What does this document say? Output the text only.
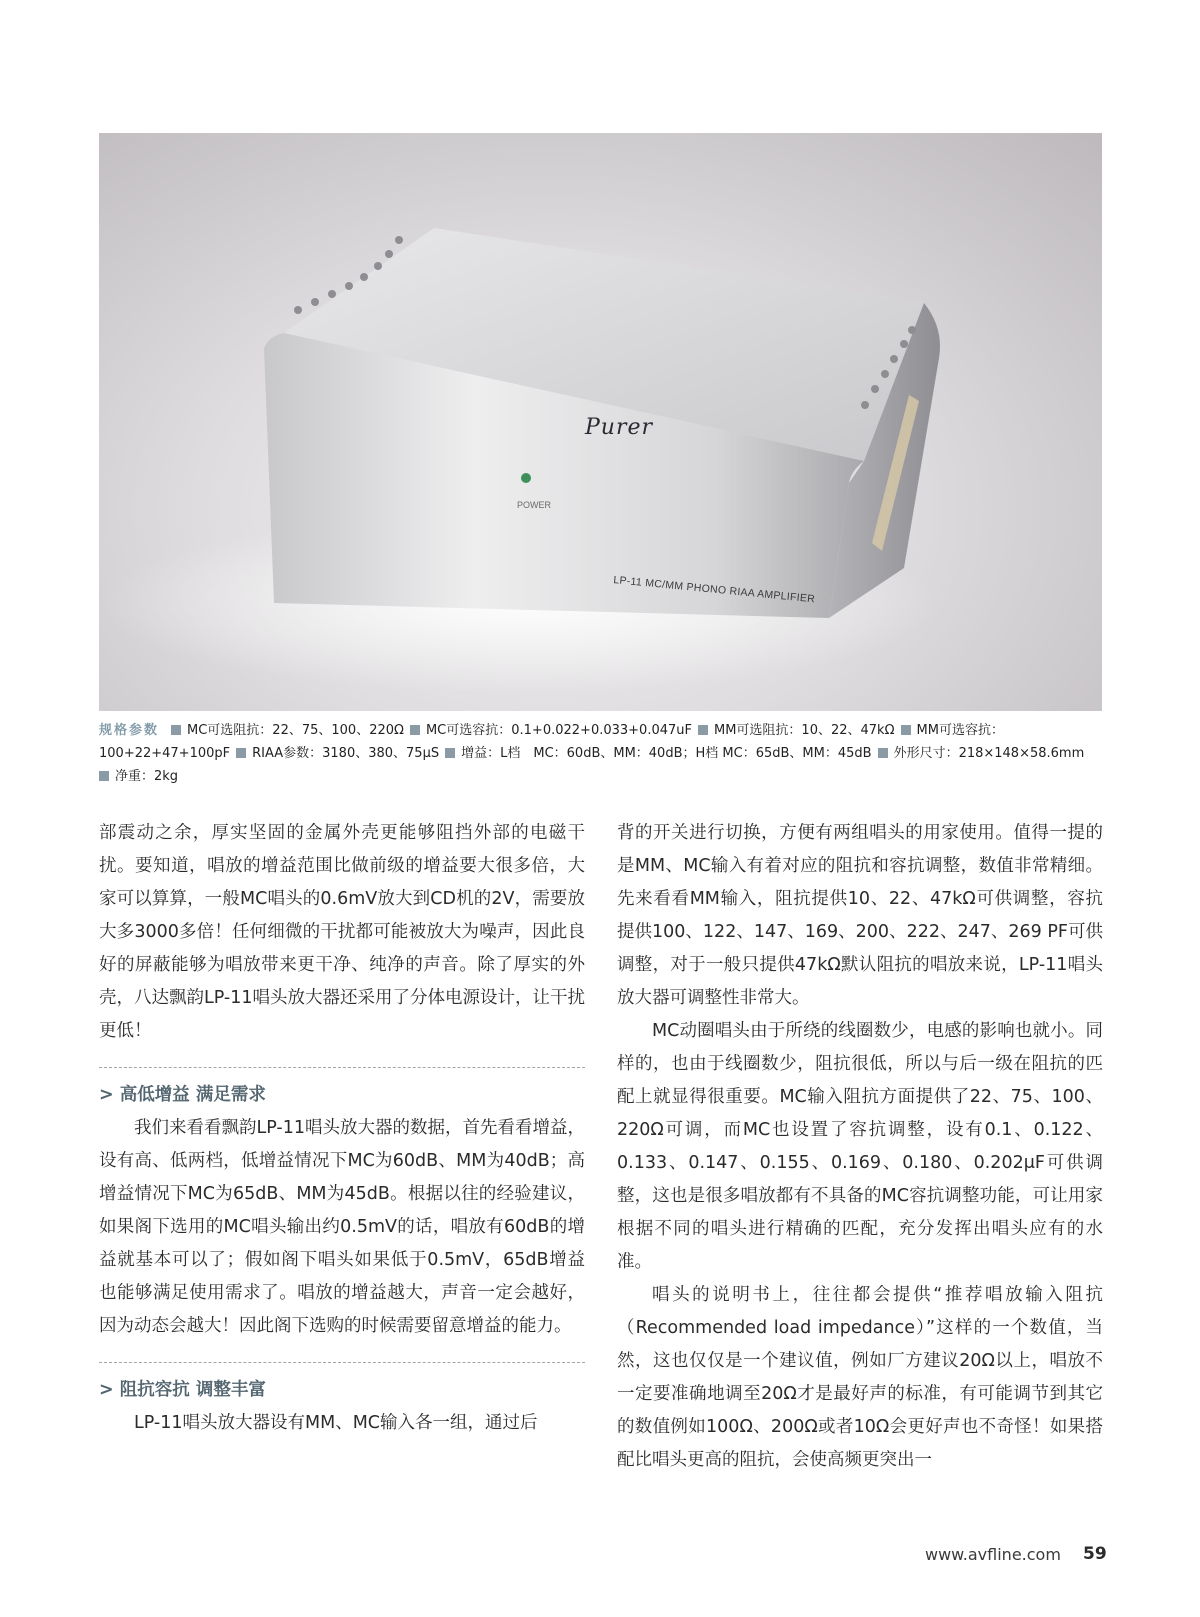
Purer
POWER
LP-11 MC/MM PHONO RIAA AMPLIFIER
规格参数 MC可选阻抗：22、75、100、220Ω MC可选容抗：0.1+0.022+0.033+0.047uF MM可选阻抗：10、22、47kΩ MM可选容抗：100+22+47+100pF RIAA参数：3180、380、75μS 增益：L档　MC：60dB、MM：40dB；H档 MC：65dB、MM：45dB 外形尺寸：218×148×58.6mm
净重：2kg

部震动之余，厚实坚固的金属外壳更能够阻挡外部的电磁干扰。要知道，唱放的增益范围比做前级的增益要大很多倍，大家可以算算，一般MC唱头的0.6mV放大到CD机的2V，需要放大多3000多倍！任何细微的干扰都可能被放大为噪声，因此良好的屏蔽能够为唱放带来更干净、纯净的声音。除了厚实的外壳，八达飘韵LP-11唱头放大器还采用了分体电源设计，让干扰更低！

> 高低增益 满足需求

我们来看看飘韵LP-11唱头放大器的数据，首先看看增益，设有高、低两档，低增益情况下MC为60dB、MM为40dB；高增益情况下MC为65dB、MM为45dB。根据以往的经验建议，如果阁下选用的MC唱头输出约0.5mV的话，唱放有60dB的增益就基本可以了；假如阁下唱头如果低于0.5mV，65dB增益也能够满足使用需求了。唱放的增益越大，声音一定会越好，因为动态会越大！因此阁下选购的时候需要留意增益的能力。

> 阻抗容抗 调整丰富

LP-11唱头放大器设有MM、MC输入各一组，通过后

背的开关进行切换，方便有两组唱头的用家使用。值得一提的是MM、MC输入有着对应的阻抗和容抗调整，数值非常精细。先来看看MM输入，阻抗提供10、22、47kΩ可供调整，容抗提供100、122、147、169、200、222、247、269 PF可供调整，对于一般只提供47kΩ默认阻抗的唱放来说，LP-11唱头放大器可调整性非常大。

MC动圈唱头由于所绕的线圈数少，电感的影响也就小。同样的，也由于线圈数少，阻抗很低，所以与后一级在阻抗的匹配上就显得很重要。MC输入阻抗方面提供了22、75、100、220Ω可调，而MC也设置了容抗调整，设有0.1、0.122、0.133、0.147、0.155、0.169、0.180、0.202μF可供调整，这也是很多唱放都有不具备的MC容抗调整功能，可让用家根据不同的唱头进行精确的匹配，充分发挥出唱头应有的水准。

唱头的说明书上，往往都会提供“推荐唱放输入阻抗（Recommended load impedance）”这样的一个数值，当然，这也仅仅是一个建议值，例如厂方建议20Ω以上，唱放不一定要准确地调至20Ω才是最好声的标准，有可能调节到其它的数值例如100Ω、200Ω或者10Ω会更好声也不奇怪！如果搭配比唱头更高的阻抗，会使高频更突出一

www.avfline.com 59
